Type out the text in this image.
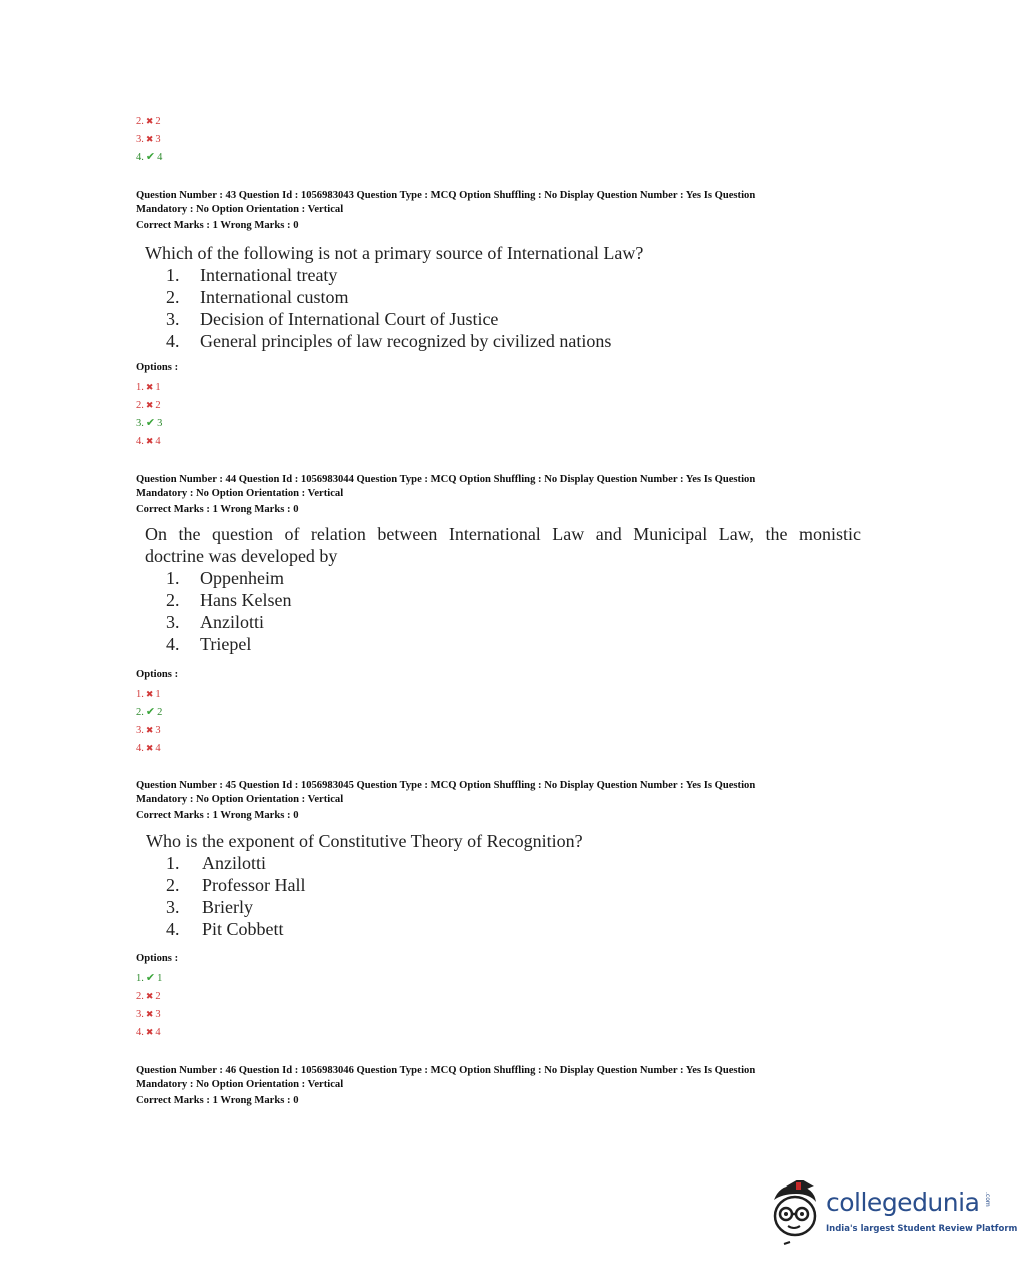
2. ✖ 2
3. ✖ 3
4. ✔ 4
Question Number : 43 Question Id : 1056983043 Question Type : MCQ Option Shuffling : No Display Question Number : Yes Is Question
Mandatory : No Option Orientation : Vertical
Correct Marks : 1 Wrong Marks : 0
Which of the following is not a primary source of International Law?
1. International treaty
2. International custom
3. Decision of International Court of Justice
4. General principles of law recognized by civilized nations
Options :
1. ✖ 1
2. ✖ 2
3. ✔ 3
4. ✖ 4
Question Number : 44 Question Id : 1056983044 Question Type : MCQ Option Shuffling : No Display Question Number : Yes Is Question
Mandatory : No Option Orientation : Vertical
Correct Marks : 1 Wrong Marks : 0
On the question of relation between International Law and Municipal Law, the monistic
doctrine was developed by
1. Oppenheim
2. Hans Kelsen
3. Anzilotti
4. Triepel
Options :
1. ✖ 1
2. ✔ 2
3. ✖ 3
4. ✖ 4
Question Number : 45 Question Id : 1056983045 Question Type : MCQ Option Shuffling : No Display Question Number : Yes Is Question
Mandatory : No Option Orientation : Vertical
Correct Marks : 1 Wrong Marks : 0
Who is the exponent of Constitutive Theory of Recognition?
1. Anzilotti
2. Professor Hall
3. Brierly
4. Pit Cobbett
Options :
1. ✔ 1
2. ✖ 2
3. ✖ 3
4. ✖ 4
Question Number : 46 Question Id : 1056983046 Question Type : MCQ Option Shuffling : No Display Question Number : Yes Is Question
Mandatory : No Option Orientation : Vertical
Correct Marks : 1 Wrong Marks : 0
collegedunia .com
India's largest Student Review Platform
